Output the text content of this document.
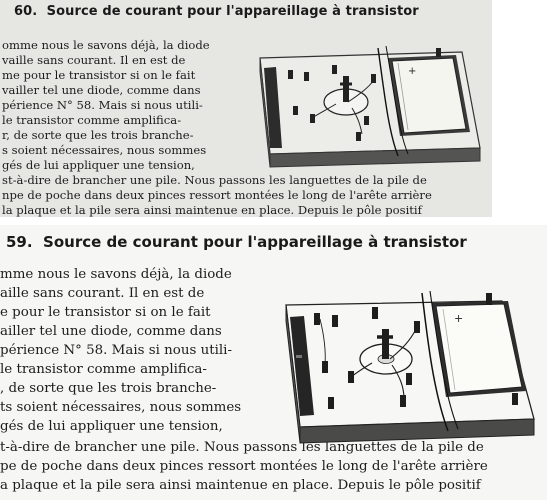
60. Source de courant pour l'appareillage à transistor
omme nous le savons déjà, la diode
vaille sans courant. Il en est de
me pour le transistor si on le fait
vailler tel une diode, comme dans
périence N° 58. Mais si nous utili-
le transistor comme amplifica-
r, de sorte que les trois branche-
s soient nécessaires, nous sommes
gés de lui appliquer une tension,
st-à-dire de brancher une pile. Nous passons les languettes de la pile de
npe de poche dans deux pinces ressort montées le long de l'arête arrière
la plaque et la pile sera ainsi maintenue en place. Depuis le pôle positif
+
59. Source de courant pour l'appareillage à transistor
mme nous le savons déjà, la diode
aille sans courant. Il en est de
e pour le transistor si on le fait
ailler tel une diode, comme dans
périence N° 58. Mais si nous utili-
le transistor comme amplifica-
, de sorte que les trois branche-
ts soient nécessaires, nous sommes
gés de lui appliquer une tension,
t-à-dire de brancher une pile. Nous passons les languettes de la pile de
pe de poche dans deux pinces ressort montées le long de l'arête arrière
a plaque et la pile sera ainsi maintenue en place. Depuis le pôle positif
+
